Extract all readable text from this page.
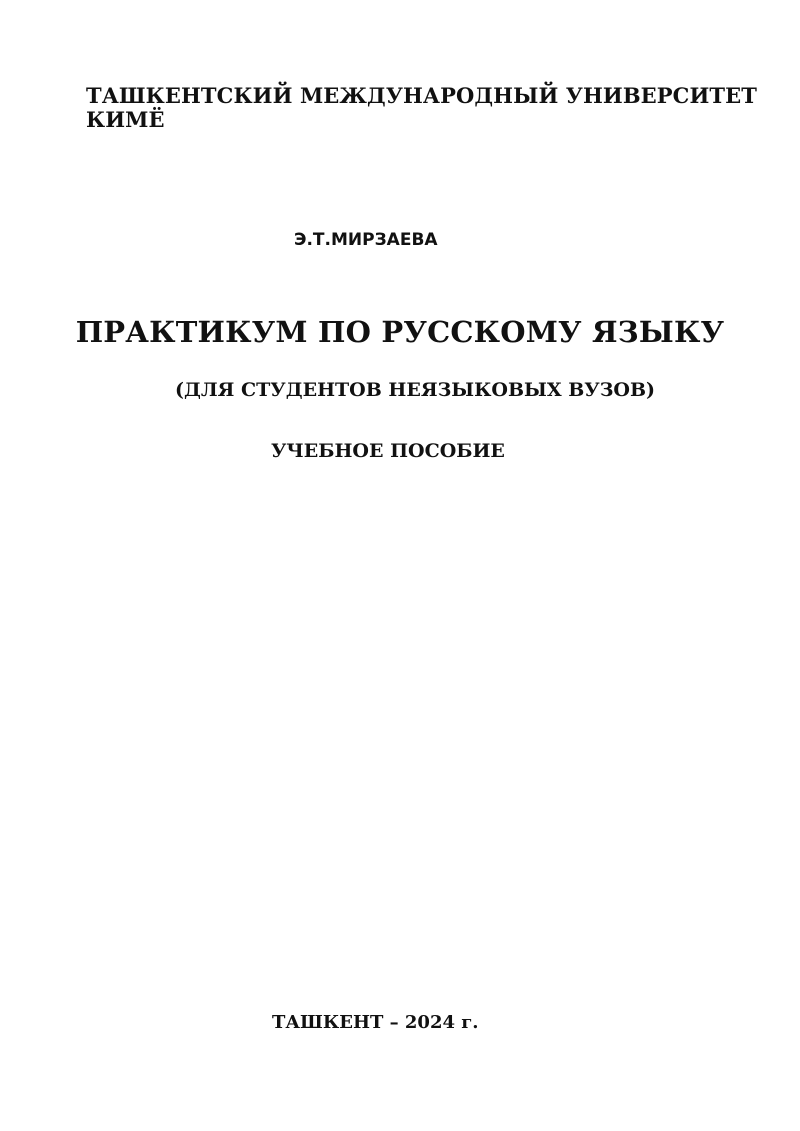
ТАШКЕНТСКИЙ МЕЖДУНАРОДНЫЙ УНИВЕРСИТЕТ
КИМЁ

Э.Т.МИРЗАЕВА

ПРАКТИКУМ ПО РУССКОМУ ЯЗЫКУ

(ДЛЯ СТУДЕНТОВ НЕЯЗЫКОВЫХ ВУЗОВ)

УЧЕБНОЕ ПОСОБИЕ

ТАШКЕНТ – 2024 г.
